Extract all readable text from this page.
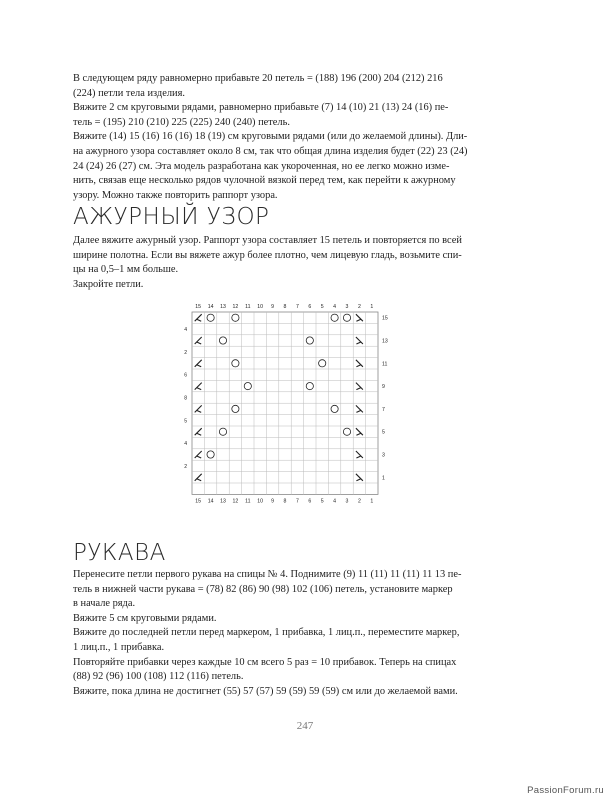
В следующем ряду равномерно прибавьте 20 петель = (188) 196 (200) 204 (212) 216
(224) петли тела изделия.
Вяжите 2 см круговыми рядами, равномерно прибавьте (7) 14 (10) 21 (13) 24 (16) пе-
тель = (195) 210 (210) 225 (225) 240 (240) петель.
Вяжите (14) 15 (16) 16 (16) 18 (19) см круговыми рядами (или до желаемой длины). Дли-
на ажурного узора составляет около 8 см, так что общая длина изделия будет (22) 23 (24)
24 (24) 26 (27) см. Эта модель разработана как укороченная, но ее легко можно изме-
нить, связав еще несколько рядов чулочной вязкой перед тем, как перейти к ажурному
узору. Можно также повторить раппорт узора.
АЖУРНЫЙ УЗОР
Далее вяжите ажурный узор. Раппорт узора составляет 15 петель и повторяется по всей
ширине полотна. Если вы вяжете ажур более плотно, чем лицевую гладь, возьмите спи-
цы на 0,5–1 мм больше.
Закройте петли.
15
15
14
14
13
13
12
12
11
11
10
10
9
9
8
8
7
7
6
6
5
5
4
4
3
3
2
2
1
1
15
13
11
9
7
5
3
1
4
2
6
8
5
4
2
РУКАВА
Перенесите петли первого рукава на спицы № 4. Поднимите (9) 11 (11) 11 (11) 11 13 пе-
тель в нижней части рукава = (78) 82 (86) 90 (98) 102 (106) петель, установите маркер
в начале ряда.
Вяжите 5 см круговыми рядами.
Вяжите до последней петли перед маркером, 1 прибавка, 1 лиц.п., переместите маркер,
1 лиц.п., 1 прибавка.
Повторяйте прибавки через каждые 10 см всего 5 раз = 10 прибавок. Теперь на спицах
(88) 92 (96) 100 (108) 112 (116) петель.
Вяжите, пока длина не достигнет (55) 57 (57) 59 (59) 59 (59) см или до желаемой вами.
247
PassionForum.ru
